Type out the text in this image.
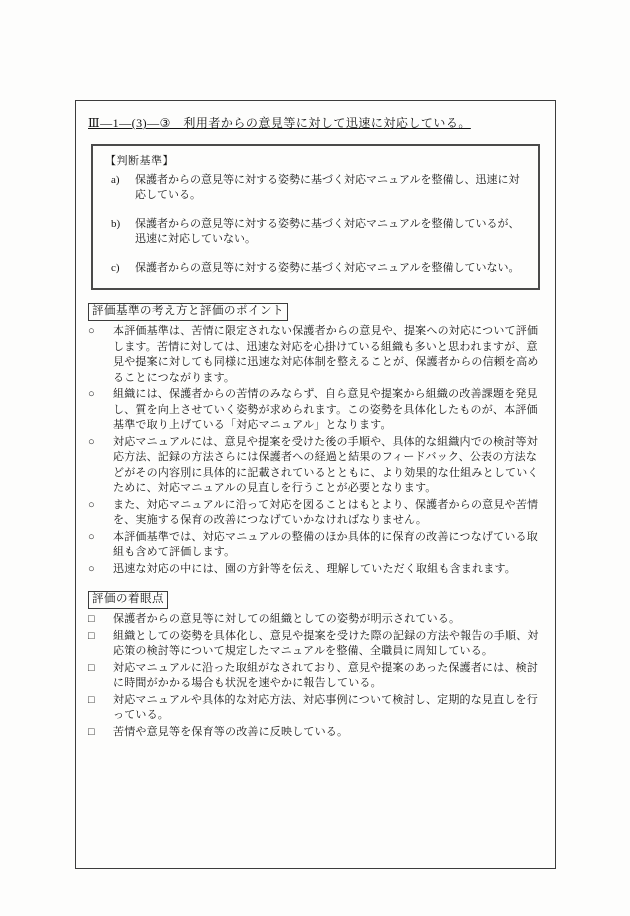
Ⅲ―1―(3)―③　利用者からの意見等に対して迅速に対応している。
【判断基準】
a)	保護者からの意見等に対する姿勢に基づく対応マニュアルを整備し、迅速に対応している。
b)	保護者からの意見等に対する姿勢に基づく対応マニュアルを整備しているが、迅速に対応していない。
c)	保護者からの意見等に対する姿勢に基づく対応マニュアルを整備していない。
評価基準の考え方と評価のポイント
○	本評価基準は、苦情に限定されない保護者からの意見や、提案への対応について評価します。苦情に対しては、迅速な対応を心掛けている組織も多いと思われますが、意見や提案に対しても同様に迅速な対応体制を整えることが、保護者からの信頼を高めることにつながります。
○	組織には、保護者からの苦情のみならず、自ら意見や提案から組織の改善課題を発見し、質を向上させていく姿勢が求められます。この姿勢を具体化したものが、本評価基準で取り上げている「対応マニュアル」となります。
○	対応マニュアルには、意見や提案を受けた後の手順や、具体的な組織内での検討等対応方法、記録の方法さらには保護者への経過と結果のフィードバック、公表の方法などがその内容別に具体的に記載されているとともに、より効果的な仕組みとしていくために、対応マニュアルの見直しを行うことが必要となります。
○	また、対応マニュアルに沿って対応を図ることはもとより、保護者からの意見や苦情を、実施する保育の改善につなげていかなければなりません。
○	本評価基準では、対応マニュアルの整備のほか具体的に保育の改善につなげている取組も含めて評価します。
○	迅速な対応の中には、園の方針等を伝え、理解していただく取組も含まれます。
評価の着眼点
□	保護者からの意見等に対しての組織としての姿勢が明示されている。
□	組織としての姿勢を具体化し、意見や提案を受けた際の記録の方法や報告の手順、対応策の検討等について規定したマニュアルを整備、全職員に周知している。
□	対応マニュアルに沿った取組がなされており、意見や提案のあった保護者には、検討に時間がかかる場合も状況を速やかに報告している。
□	対応マニュアルや具体的な対応方法、対応事例について検討し、定期的な見直しを行っている。
□	苦情や意見等を保育等の改善に反映している。
